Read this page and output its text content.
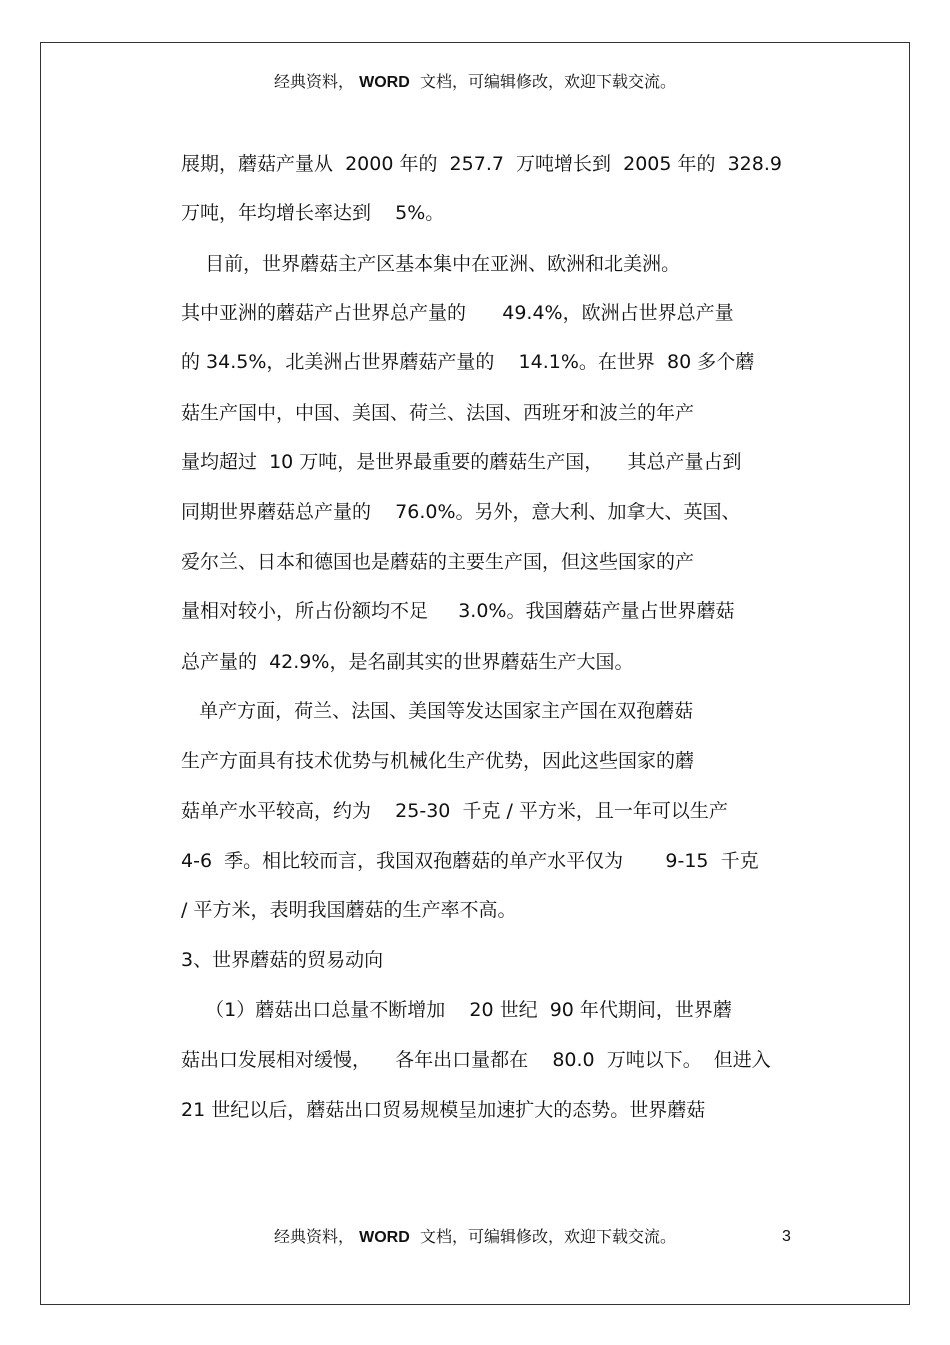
经典资料， WORD 文档，可编辑修改，欢迎下载交流。
展期，蘑菇产量从  2000 年的  257.7  万吨增长到  2005 年的  328.9
万吨，年均增长率达到    5%。
目前，世界蘑菇主产区基本集中在亚洲、欧洲和北美洲。
其中亚洲的蘑菇产占世界总产量的      49.4%，欧洲占世界总产量
的 34.5%，北美洲占世界蘑菇产量的    14.1%。在世界  80 多个蘑
菇生产国中，中国、美国、荷兰、法国、西班牙和波兰的年产
量均超过  10 万吨，是世界最重要的蘑菇生产国，    其总产量占到
同期世界蘑菇总产量的    76.0%。另外，意大利、加拿大、英国、
爱尔兰、日本和德国也是蘑菇的主要生产国，但这些国家的产
量相对较小，所占份额均不足     3.0%。我国蘑菇产量占世界蘑菇
总产量的  42.9%，是名副其实的世界蘑菇生产大国。
单产方面，荷兰、法国、美国等发达国家主产国在双孢蘑菇
生产方面具有技术优势与机械化生产优势，因此这些国家的蘑
菇单产水平较高，约为    25-30  千克 / 平方米，且一年可以生产
4-6  季。相比较而言，我国双孢蘑菇的单产水平仅为       9-15  千克
/ 平方米，表明我国蘑菇的生产率不高。
3、世界蘑菇的贸易动向
（1）蘑菇出口总量不断增加    20 世纪  90 年代期间，世界蘑
菇出口发展相对缓慢，    各年出口量都在    80.0  万吨以下。  但进入
21 世纪以后，蘑菇出口贸易规模呈加速扩大的态势。世界蘑菇
经典资料， WORD 文档，可编辑修改，欢迎下载交流。	3
